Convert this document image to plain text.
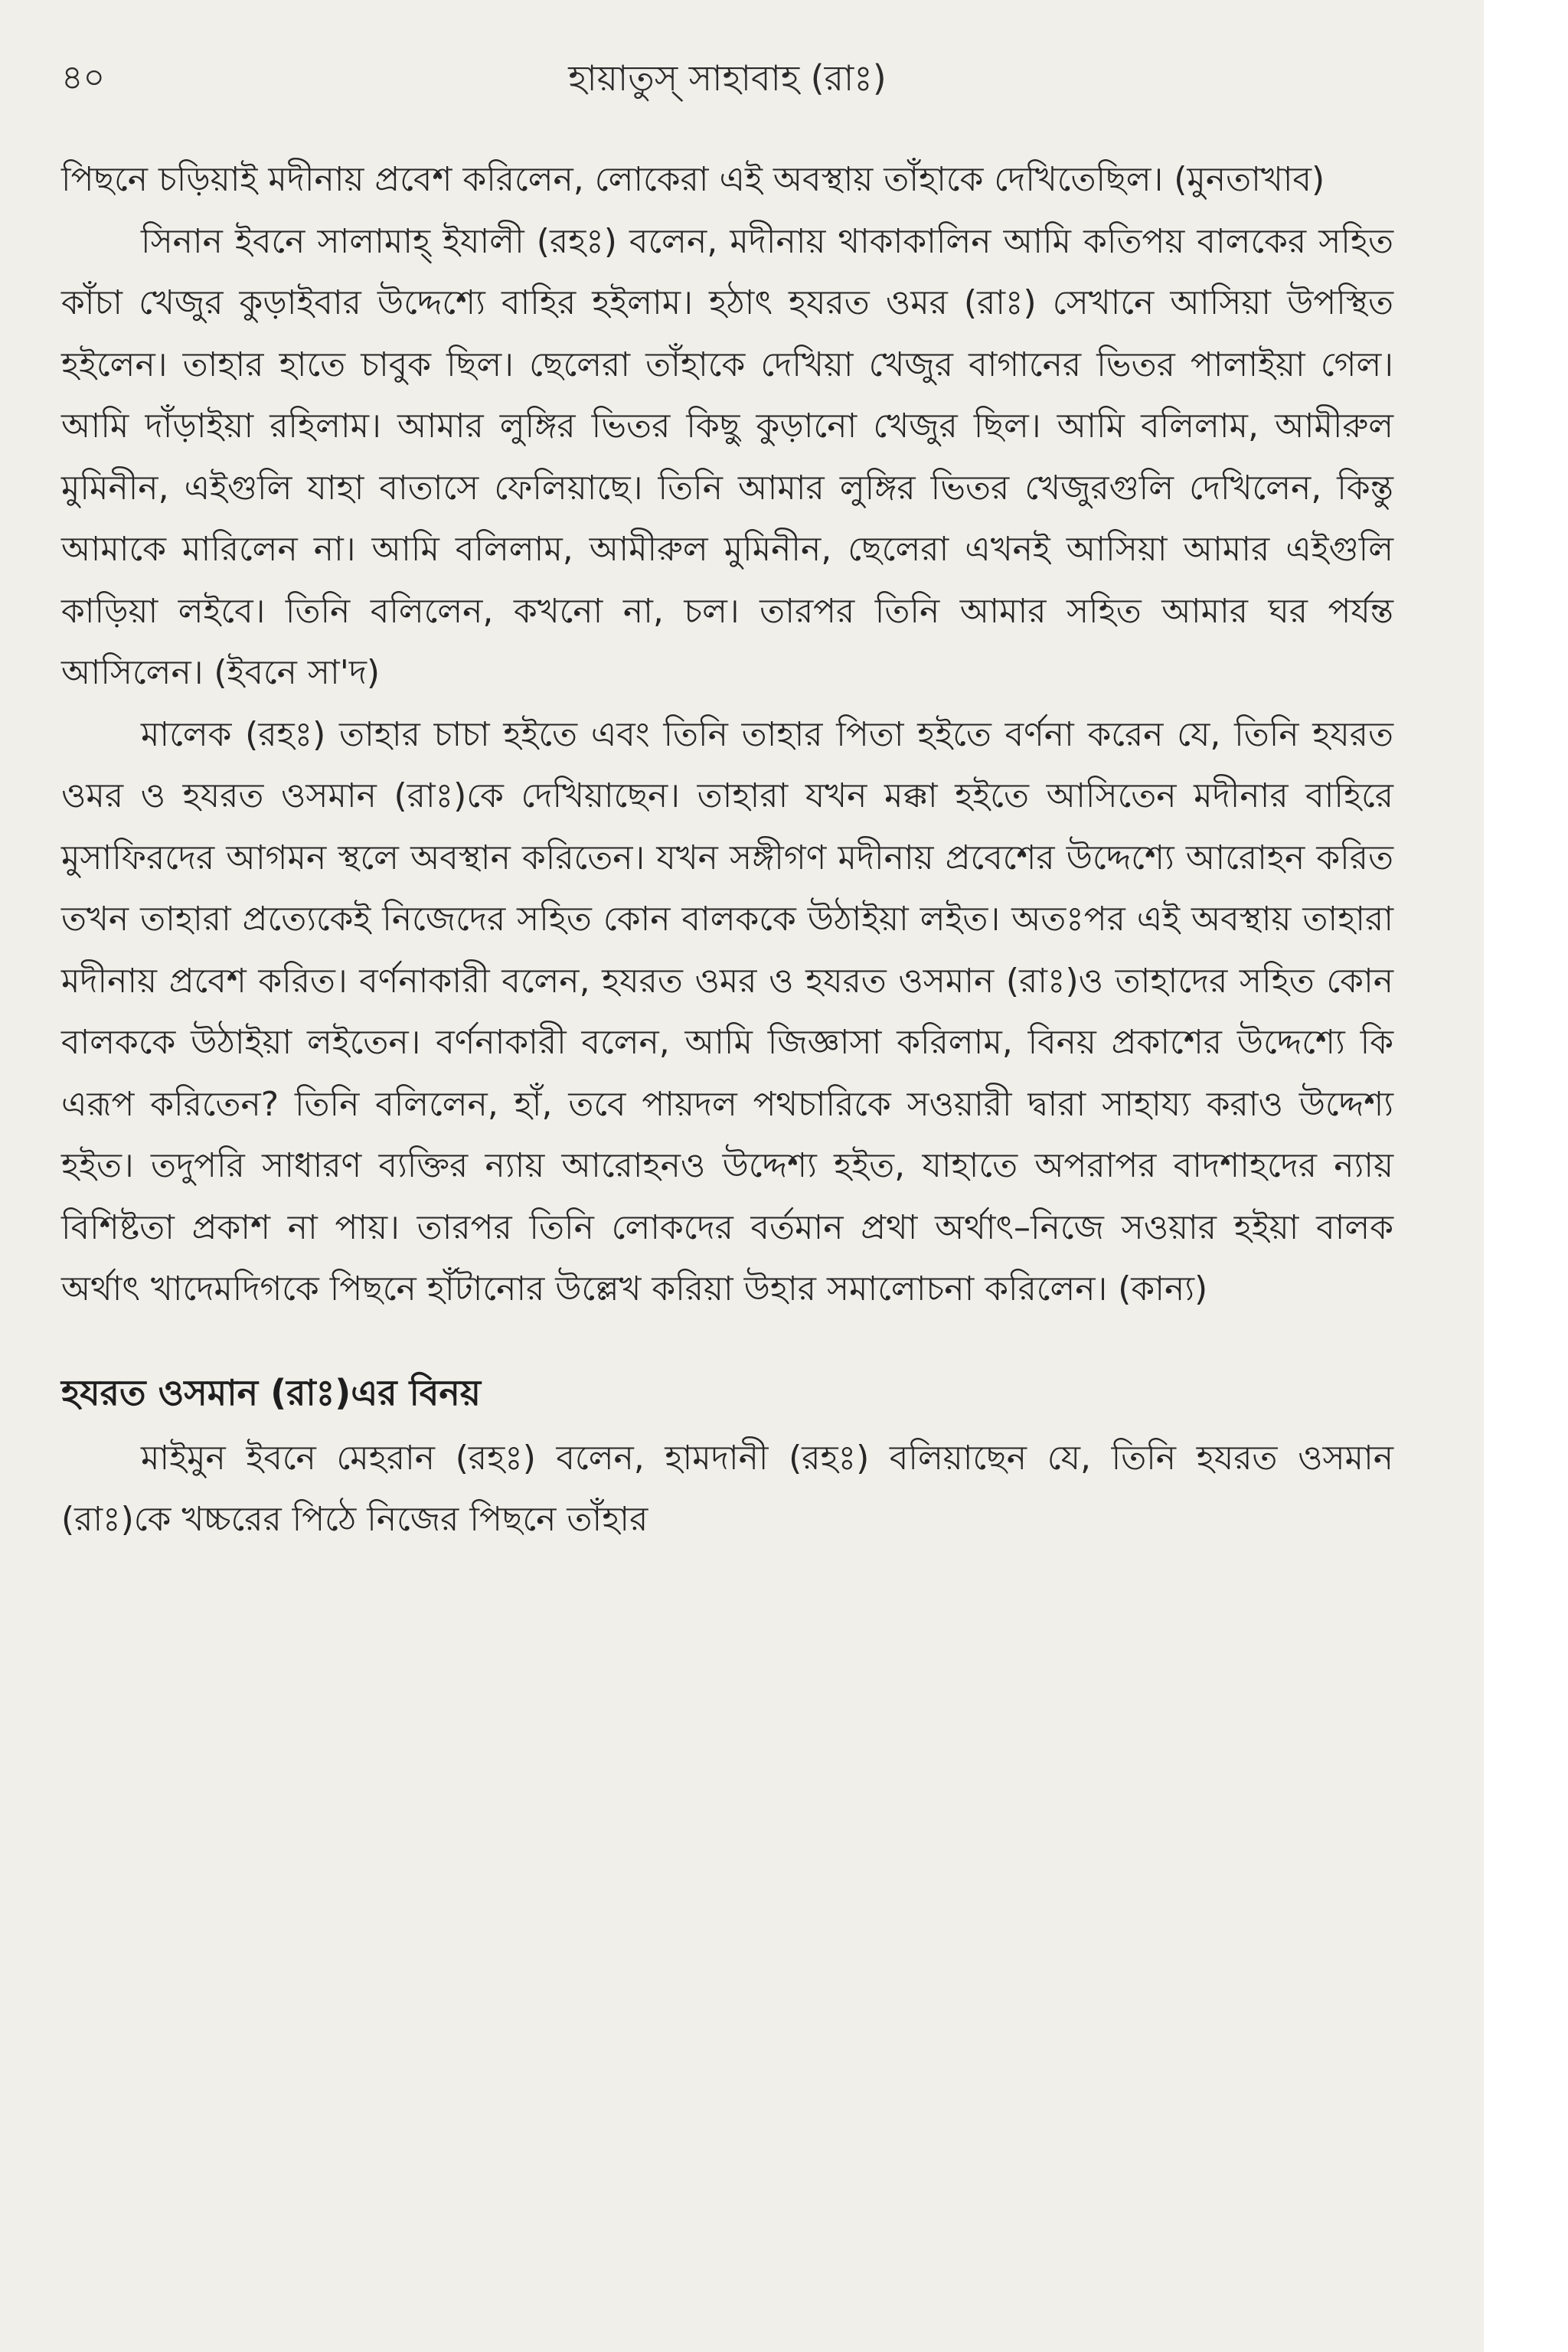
৪০	হায়াতুস্ সাহাবাহ (রাঃ)

পিছনে চড়িয়াই মদীনায় প্রবেশ করিলেন, লোকেরা এই অবস্থায় তাঁহাকে দেখিতেছিল। (মুনতাখাব)

সিনান ইবনে সালামাহ্ ইযালী (রহঃ) বলেন, মদীনায় থাকাকালিন আমি কতিপয় বালকের সহিত কাঁচা খেজুর কুড়াইবার উদ্দেশ্যে বাহির হইলাম। হঠাৎ হযরত ওমর (রাঃ) সেখানে আসিয়া উপস্থিত হইলেন। তাহার হাতে চাবুক ছিল। ছেলেরা তাঁহাকে দেখিয়া খেজুর বাগানের ভিতর পালাইয়া গেল। আমি দাঁড়াইয়া রহিলাম। আমার লুঙ্গির ভিতর কিছু কুড়ানো খেজুর ছিল। আমি বলিলাম, আমীরুল মুমিনীন, এইগুলি যাহা বাতাসে ফেলিয়াছে। তিনি আমার লুঙ্গির ভিতর খেজুরগুলি দেখিলেন, কিন্তু আমাকে মারিলেন না। আমি বলিলাম, আমীরুল মুমিনীন, ছেলেরা এখনই আসিয়া আমার এইগুলি কাড়িয়া লইবে। তিনি বলিলেন, কখনো না, চল। তারপর তিনি আমার সহিত আমার ঘর পর্যন্ত আসিলেন। (ইবনে সা'দ)

মালেক (রহঃ) তাহার চাচা হইতে এবং তিনি তাহার পিতা হইতে বর্ণনা করেন যে, তিনি হযরত ওমর ও হযরত ওসমান (রাঃ)কে দেখিয়াছেন। তাহারা যখন মক্কা হইতে আসিতেন মদীনার বাহিরে মুসাফিরদের আগমন স্থলে অবস্থান করিতেন। যখন সঙ্গীগণ মদীনায় প্রবেশের উদ্দেশ্যে আরোহন করিত তখন তাহারা প্রত্যেকেই নিজেদের সহিত কোন বালককে উঠাইয়া লইত। অতঃপর এই অবস্থায় তাহারা মদীনায় প্রবেশ করিত। বর্ণনাকারী বলেন, হযরত ওমর ও হযরত ওসমান (রাঃ)ও তাহাদের সহিত কোন বালককে উঠাইয়া লইতেন। বর্ণনাকারী বলেন, আমি জিজ্ঞাসা করিলাম, বিনয় প্রকাশের উদ্দেশ্যে কি এরূপ করিতেন? তিনি বলিলেন, হাঁ, তবে পায়দল পথচারিকে সওয়ারী দ্বারা সাহায্য করাও উদ্দেশ্য হইত। তদুপরি সাধারণ ব্যক্তির ন্যায় আরোহনও উদ্দেশ্য হইত, যাহাতে অপরাপর বাদশাহদের ন্যায় বিশিষ্টতা প্রকাশ না পায়। তারপর তিনি লোকদের বর্তমান প্রথা অর্থাৎ–নিজে সওয়ার হইয়া বালক অর্থাৎ খাদেমদিগকে পিছনে হাঁটানোর উল্লেখ করিয়া উহার সমালোচনা করিলেন। (কান্য)

হযরত ওসমান (রাঃ)এর বিনয়

মাইমুন ইবনে মেহরান (রহঃ) বলেন, হামদানী (রহঃ) বলিয়াছেন যে, তিনি হযরত ওসমান (রাঃ)কে খচ্চরের পিঠে নিজের পিছনে তাঁহার
